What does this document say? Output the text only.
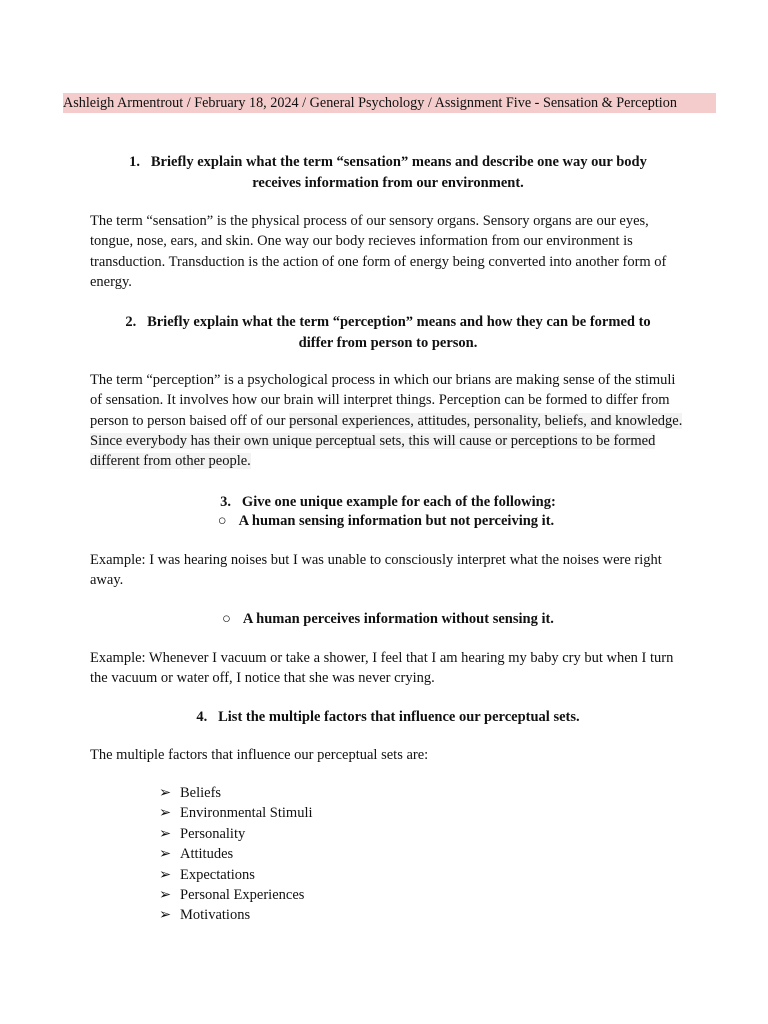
Ashleigh Armentrout / February 18, 2024 / General Psychology / Assignment Five - Sensation & Perception
1. Briefly explain what the term “sensation” means and describe one way our body
receives information from our environment.
The term “sensation” is the physical process of our sensory organs. Sensory organs are our eyes, tongue, nose, ears, and skin. One way our body recieves information from our environment is transduction. Transduction is the action of one form of energy being converted into another form of energy.
2. Briefly explain what the term “perception” means and how they can be formed to
differ from person to person.
The term “perception” is a psychological process in which our brians are making sense of the stimuli of sensation. It involves how our brain will interpret things. Perception can be formed to differ from person to person baised off of our personal experiences, attitudes, personality, beliefs, and knowledge. Since everybody has their own unique perceptual sets, this will cause or perceptions to be formed different from other people.
3. Give one unique example for each of the following:
○ A human sensing information but not perceiving it.
Example: I was hearing noises but I was unable to consciously interpret what the noises were right away.
○ A human perceives information without sensing it.
Example: Whenever I vacuum or take a shower, I feel that I am hearing my baby cry but when I turn the vacuum or water off, I notice that she was never crying.
4. List the multiple factors that influence our perceptual sets.
The multiple factors that influence our perceptual sets are:
➢ Beliefs
➢ Environmental Stimuli
➢ Personality
➢ Attitudes
➢ Expectations
➢ Personal Experiences
➢ Motivations
